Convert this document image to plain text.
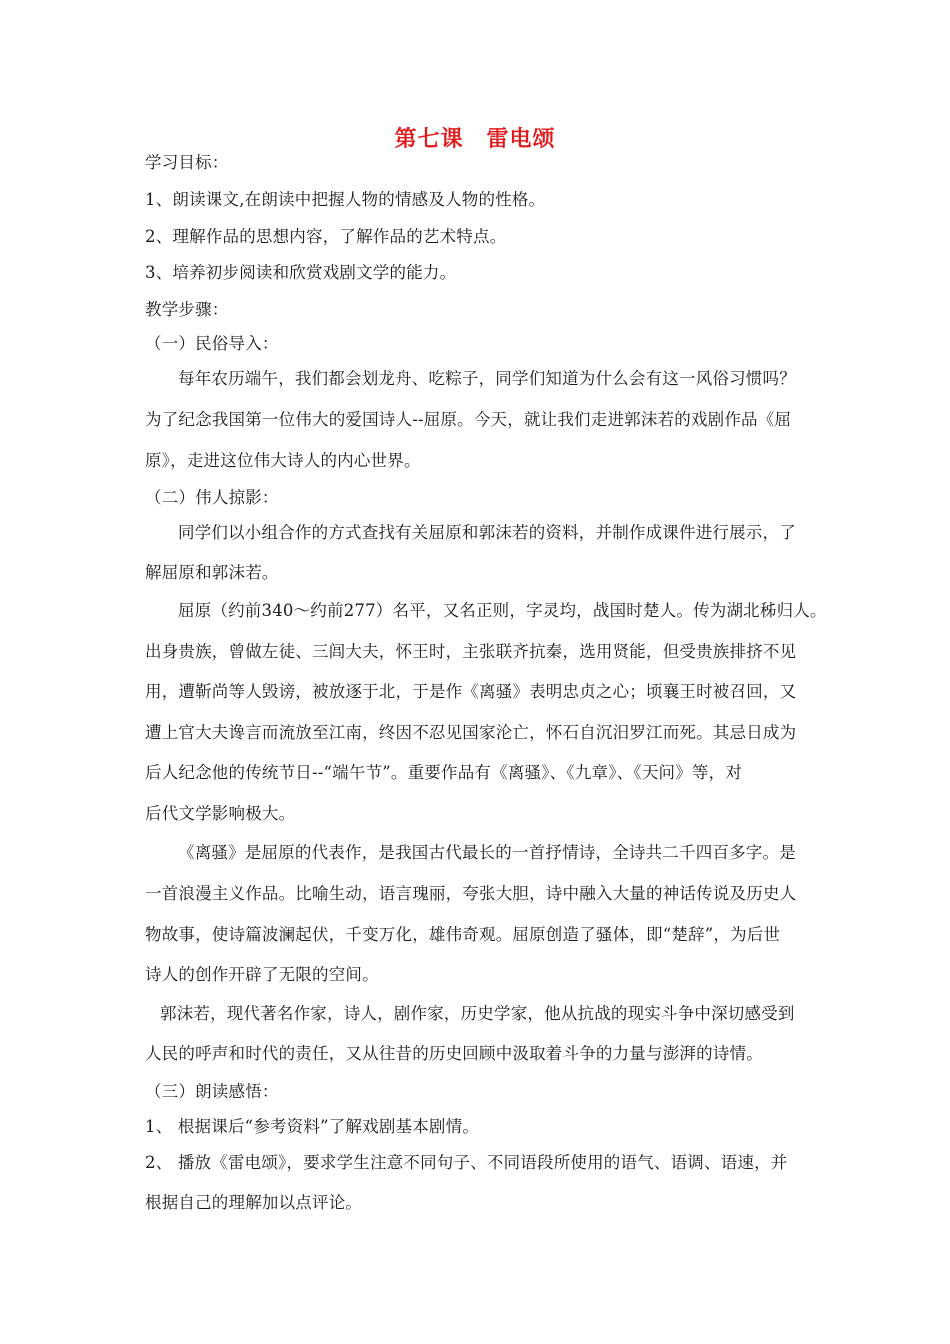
第七课　雷电颂
学习目标：
1、朗读课文,在朗读中把握人物的情感及人物的性格。
2、理解作品的思想内容，了解作品的艺术特点。
3、培养初步阅读和欣赏戏剧文学的能力。
教学步骤：
（一）民俗导入：
每年农历端午，我们都会划龙舟、吃粽子，同学们知道为什么会有这一风俗习惯吗？
为了纪念我国第一位伟大的爱国诗人--屈原。今天，就让我们走进郭沫若的戏剧作品《屈
原》，走进这位伟大诗人的内心世界。
（二）伟人掠影：
同学们以小组合作的方式查找有关屈原和郭沫若的资料，并制作成课件进行展示，了
解屈原和郭沫若。
屈原（约前340～约前277）名平，又名正则，字灵均，战国时楚人。传为湖北秭归人。
出身贵族，曾做左徒、三闾大夫，怀王时，主张联齐抗秦，选用贤能，但受贵族排挤不见
用，遭靳尚等人毁谤，被放逐于北，于是作《离骚》表明忠贞之心；顷襄王时被召回，又
遭上官大夫谗言而流放至江南，终因不忍见国家沦亡，怀石自沉汨罗江而死。其忌日成为
后人纪念他的传统节日--“端午节”。重要作品有《离骚》、《九章》、《天问》等，对
后代文学影响极大。
《离骚》是屈原的代表作，是我国古代最长的一首抒情诗，全诗共二千四百多字。是
一首浪漫主义作品。比喻生动，语言瑰丽，夸张大胆，诗中融入大量的神话传说及历史人
物故事，使诗篇波澜起伏，千变万化，雄伟奇观。屈原创造了骚体，即“楚辞”，为后世
诗人的创作开辟了无限的空间。
郭沫若，现代著名作家，诗人，剧作家，历史学家，他从抗战的现实斗争中深切感受到
人民的呼声和时代的责任，又从往昔的历史回顾中汲取着斗争的力量与澎湃的诗情。
（三）朗读感悟：
1、 根据课后“参考资料”了解戏剧基本剧情。
2、 播放《雷电颂》，要求学生注意不同句子、不同语段所使用的语气、语调、语速，并
根据自己的理解加以点评论。
